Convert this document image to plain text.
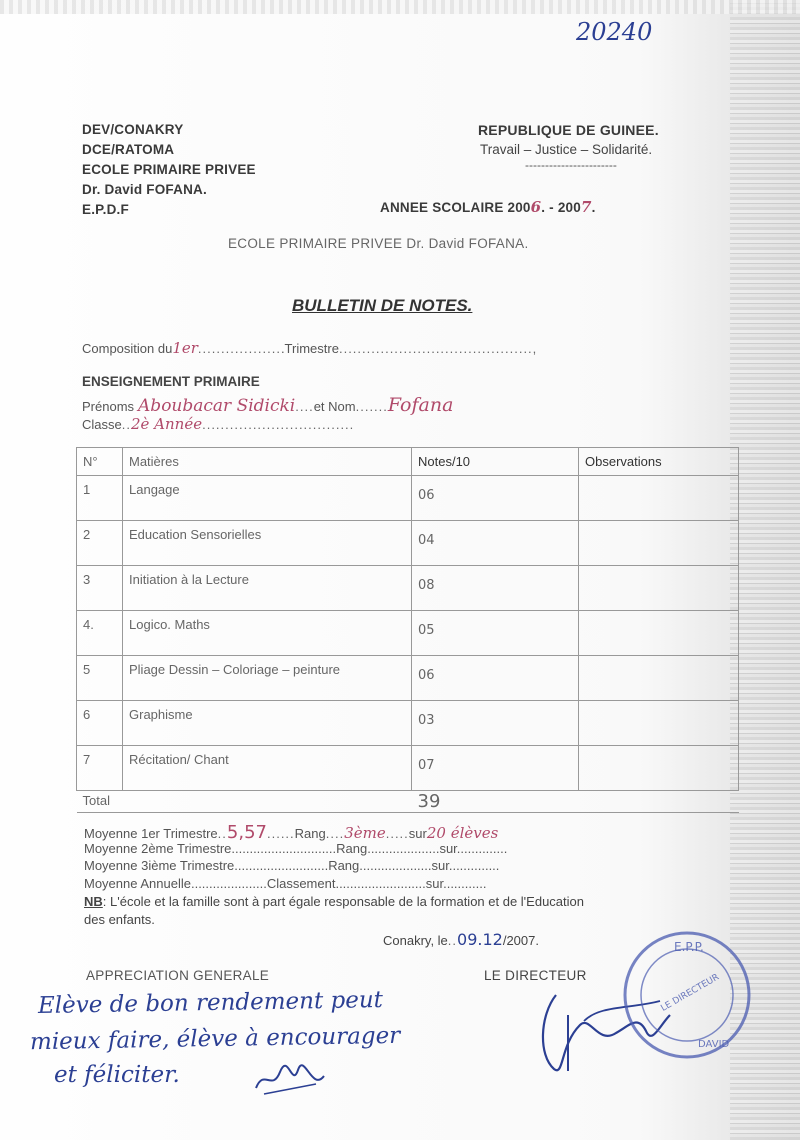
20240
DEV/CONAKRY
DCE/RATOMA
ECOLE PRIMAIRE PRIVEE
Dr. David FOFANA.
E.P.D.F
REPUBLIQUE DE GUINEE.
Travail – Justice – Solidarité.
-----------------------
ANNEE SCOLAIRE 2006. - 2007.
ECOLE PRIMAIRE PRIVEE Dr. David FOFANA.
BULLETIN DE NOTES.
Composition du1er...................Trimestre..........................................,
ENSEIGNEMENT PRIMAIRE
Prénoms Aboubacar Sidicki....et Nom.......Fofana
Classe..2è Année.................................
N°	Matières	Notes/10	Observations
1	Langage	06	
2	Education Sensorielles	04	
3	Initiation à la Lecture	08	
4.	Logico. Maths	05	
5	Pliage Dessin – Coloriage – peinture	06	
6	Graphisme	03	
7	Récitation/ Chant	07	
Total		39	
Moyenne 1er Trimestre..5,57......Rang....3ème.....sur20 élèves
Moyenne 2ème Trimestre.............................Rang....................sur..............
Moyenne 3ième Trimestre..........................Rang....................sur..............
Moyenne Annuelle.....................Classement.........................sur............
NB: L'école et la famille sont à part égale responsable de la formation et de l'Education
des enfants.
Conakry, le..09.12/2007.
APPRECIATION GENERALE
Elève de bon rendement peut
mieux faire, élève à encourager
et féliciter.
LE DIRECTEUR
E.P.P.
LE DIRECTEUR
DAVID
